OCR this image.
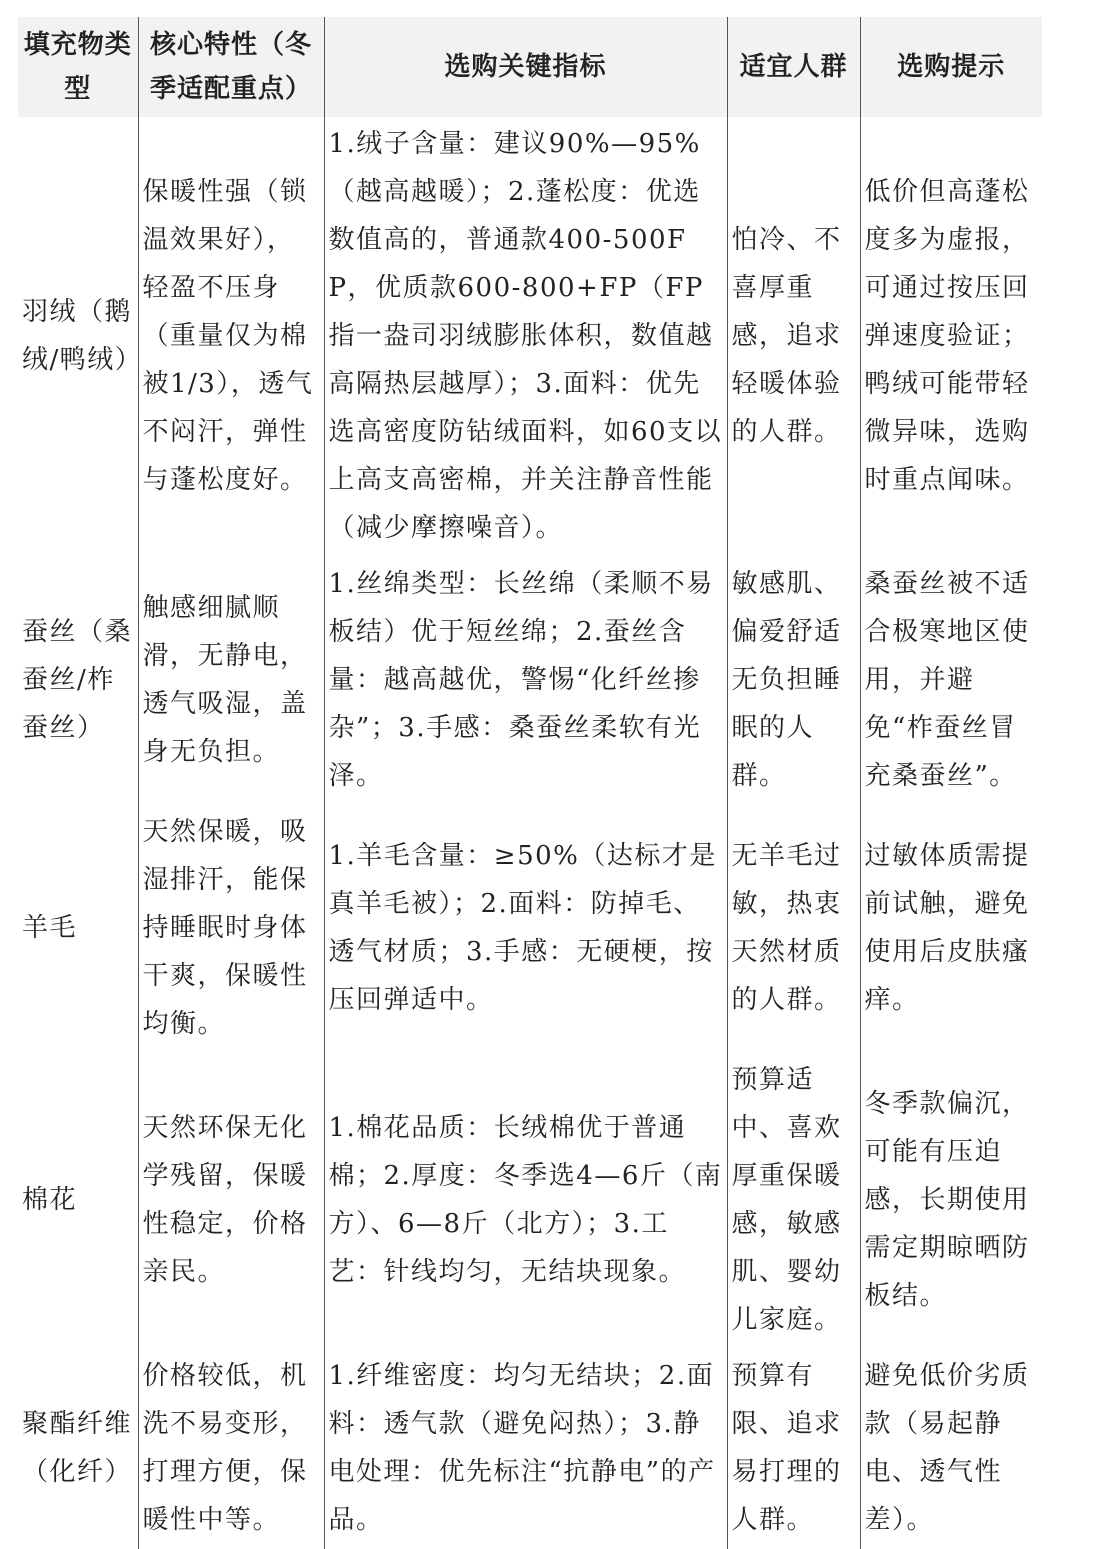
填充物类型	核心特性（冬季适配重点）	选购关键指标	适宜人群	选购提示
羽绒（鹅绒/鸭绒）	保暖性强（锁温效果好），轻盈不压身（重量仅为棉被1/3），透气不闷汗，弹性与蓬松度好。	1.绒子含量：建议90%—95%（越高越暖）；2.蓬松度：优选数值高的，普通款400-500FP，优质款600-800+FP（FP指一盎司羽绒膨胀体积，数值越高隔热层越厚）；3.面料：优先选高密度防钻绒面料，如60支以上高支高密棉，并关注静音性能（减少摩擦噪音）。	怕冷、不喜厚重感，追求轻暖体验的人群。	低价但高蓬松度多为虚报，可通过按压回弹速度验证；鸭绒可能带轻微异味，选购时重点闻味。
蚕丝（桑蚕丝/柞蚕丝）	触感细腻顺滑，无静电，透气吸湿，盖身无负担。	1.丝绵类型：长丝绵（柔顺不易板结）优于短丝绵；2.蚕丝含量：越高越优，警惕“化纤丝掺杂”；3.手感：桑蚕丝柔软有光泽。	敏感肌、偏爱舒适无负担睡眠的人群。	桑蚕丝被不适合极寒地区使用，并避免“柞蚕丝冒充桑蚕丝”。
羊毛	天然保暖，吸湿排汗，能保持睡眠时身体干爽，保暖性均衡。	1.羊毛含量：≥50%（达标才是真羊毛被）；2.面料：防掉毛、透气材质；3.手感：无硬梗，按压回弹适中。	无羊毛过敏，热衷天然材质的人群。	过敏体质需提前试触，避免使用后皮肤瘙痒。
棉花	天然环保无化学残留，保暖性稳定，价格亲民。	1.棉花品质：长绒棉优于普通棉；2.厚度：冬季选4—6斤（南方）、6—8斤（北方）；3.工艺：针线均匀，无结块现象。	预算适中、喜欢厚重保暖感，敏感肌、婴幼儿家庭。	冬季款偏沉，可能有压迫感，长期使用需定期晾晒防板结。
聚酯纤维（化纤）	价格较低，机洗不易变形，打理方便，保暖性中等。	1.纤维密度：均匀无结块；2.面料：透气款（避免闷热）；3.静电处理：优先标注“抗静电”的产品。	预算有限、追求易打理的人群。	避免低价劣质款（易起静电、透气性差）。
